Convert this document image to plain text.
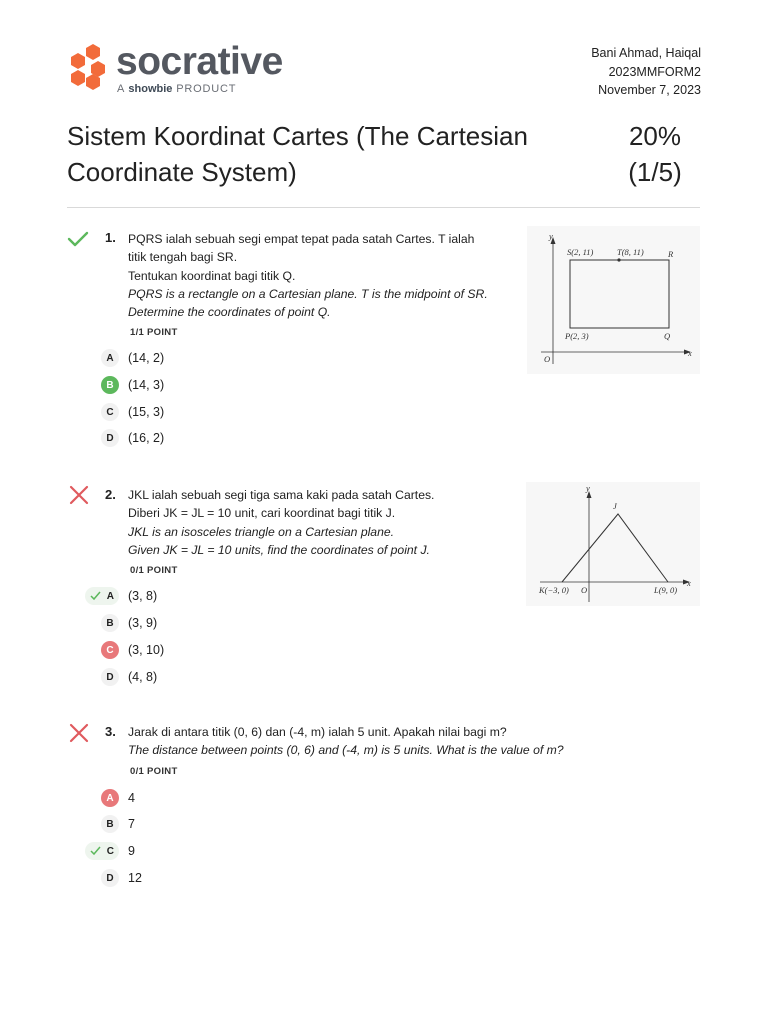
socrative
A showbie PRODUCT
Bani Ahmad, Haiqal
2023MMFORM2
November 7, 2023
Sistem Koordinat Cartes (The Cartesian Coordinate System)
20%
(1/5)
1. PQRS ialah sebuah segi empat tepat pada satah Cartes. T ialah
titik tengah bagi SR.
Tentukan koordinat bagi titik Q.
PQRS is a rectangle on a Cartesian plane. T is the midpoint of SR.
Determine the coordinates of point Q.
1/1 POINT
A	(14, 2)
B	(14, 3)
C	(15, 3)
D	(16, 2)
y
x
O
S(2, 11)	T(8, 11)	R
P(2, 3)	Q
2. JKL ialah sebuah segi tiga sama kaki pada satah Cartes.
Diberi JK = JL = 10 unit, cari koordinat bagi titik J.
JKL is an isosceles triangle on a Cartesian plane.
Given JK = JL = 10 units, find the coordinates of point J.
0/1 POINT
A (3, 8)
B	(3, 9)
C	(3, 10)
D	(4, 8)
y
x
O
J
K(−3, 0)	L(9, 0)
3. Jarak di antara titik (0, 6) dan (-4, m) ialah 5 unit. Apakah nilai bagi m?
The distance between points (0, 6) and (-4, m) is 5 units. What is the value of m?
0/1 POINT
A	4
B	7
C 9
D	12
